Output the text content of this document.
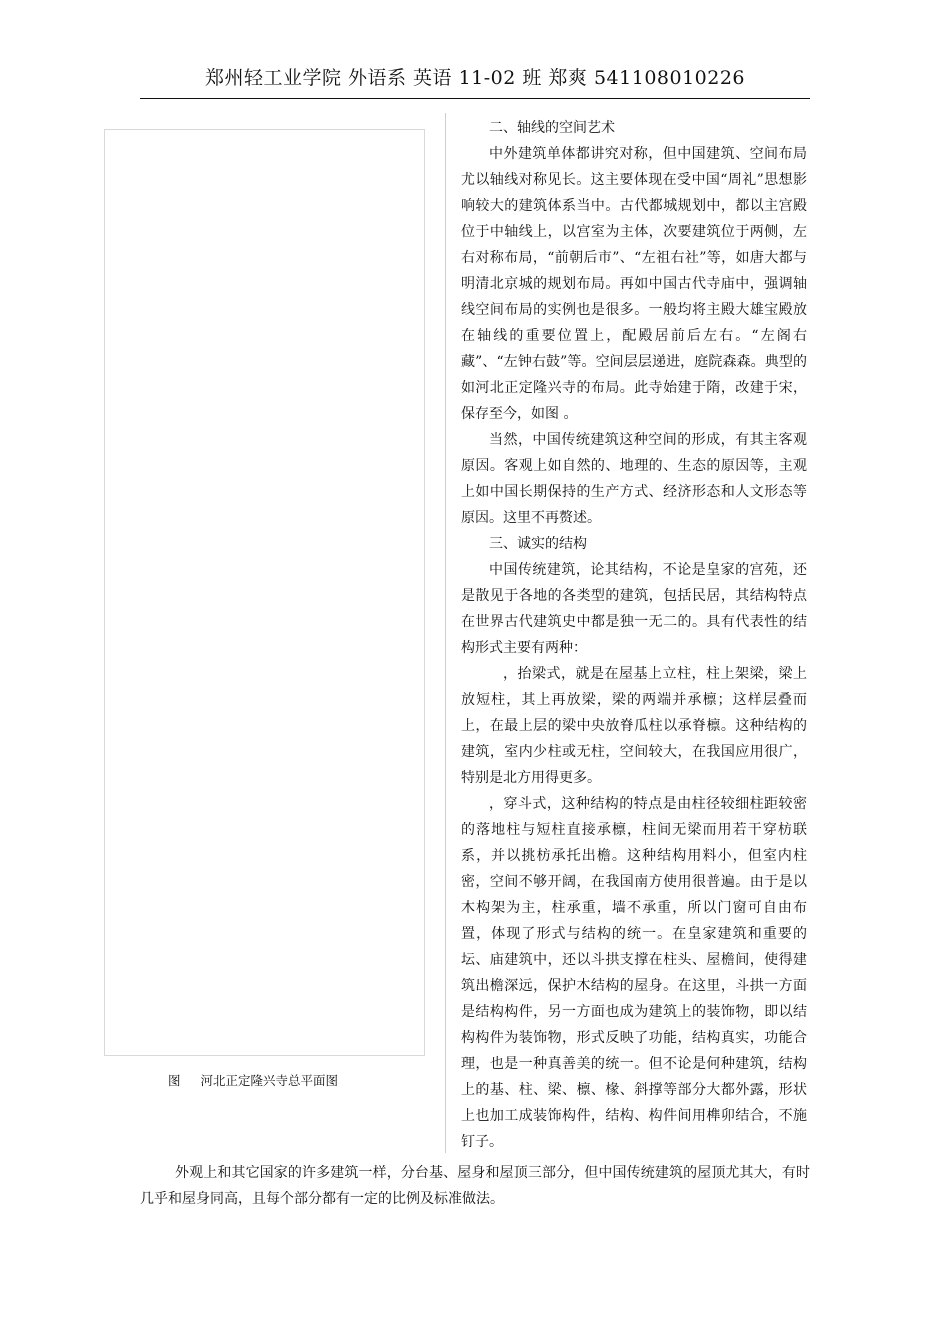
郑州轻工业学院 外语系 英语 11-02 班 郑爽 541108010226
图 河北正定隆兴寺总平面图

二、轴线的空间艺术

中外建筑单体都讲究对称，但中国建筑、空间布局尤以轴线对称见长。这主要体现在受中国“周礼”思想影响较大的建筑体系当中。古代都城规划中，都以主宫殿位于中轴线上，以宫室为主体，次要建筑位于两侧，左右对称布局，“前朝后市”、“左祖右社”等，如唐大都与明清北京城的规划布局。再如中国古代寺庙中，强调轴线空间布局的实例也是很多。一般均将主殿大雄宝殿放在轴线的重要位置上，配殿居前后左右。“左阁右藏”、“左钟右鼓”等。空间层层递进，庭院森森。典型的如河北正定隆兴寺的布局。此寺始建于隋，改建于宋，保存至今，如图 。

当然，中国传统建筑这种空间的形成，有其主客观原因。客观上如自然的、地理的、生态的原因等，主观上如中国长期保持的生产方式、经济形态和人文形态等原因。这里不再赘述。

三、诚实的结构

中国传统建筑，论其结构，不论是皇家的宫苑，还是散见于各地的各类型的建筑，包括民居，其结构特点在世界古代建筑史中都是独一无二的。具有代表性的结构形式主要有两种：

，抬梁式，就是在屋基上立柱，柱上架梁，梁上放短柱，其上再放梁，梁的两端并承檩；这样层叠而上，在最上层的梁中央放脊瓜柱以承脊檩。这种结构的建筑，室内少柱或无柱，空间较大，在我国应用很广，特别是北方用得更多。

，穿斗式，这种结构的特点是由柱径较细柱距较密的落地柱与短柱直接承檩，柱间无梁而用若干穿枋联系，并以挑枋承托出檐。这种结构用料小，但室内柱密，空间不够开阔，在我国南方使用很普遍。由于是以木构架为主，柱承重，墙不承重，所以门窗可自由布置，体现了形式与结构的统一。在皇家建筑和重要的坛、庙建筑中，还以斗拱支撑在柱头、屋檐间，使得建筑出檐深远，保护木结构的屋身。在这里，斗拱一方面是结构构件，另一方面也成为建筑上的装饰物，即以结构构件为装饰物，形式反映了功能，结构真实，功能合理，也是一种真善美的统一。但不论是何种建筑，结构上的基、柱、梁、檩、椽、斜撑等部分大都外露，形状上也加工成装饰构件，结构、构件间用榫卯结合，不施钉子。

外观上和其它国家的许多建筑一样，分台基、屋身和屋顶三部分，但中国传统建筑的屋顶尤其大，有时几乎和屋身同高，且每个部分都有一定的比例及标准做法。
